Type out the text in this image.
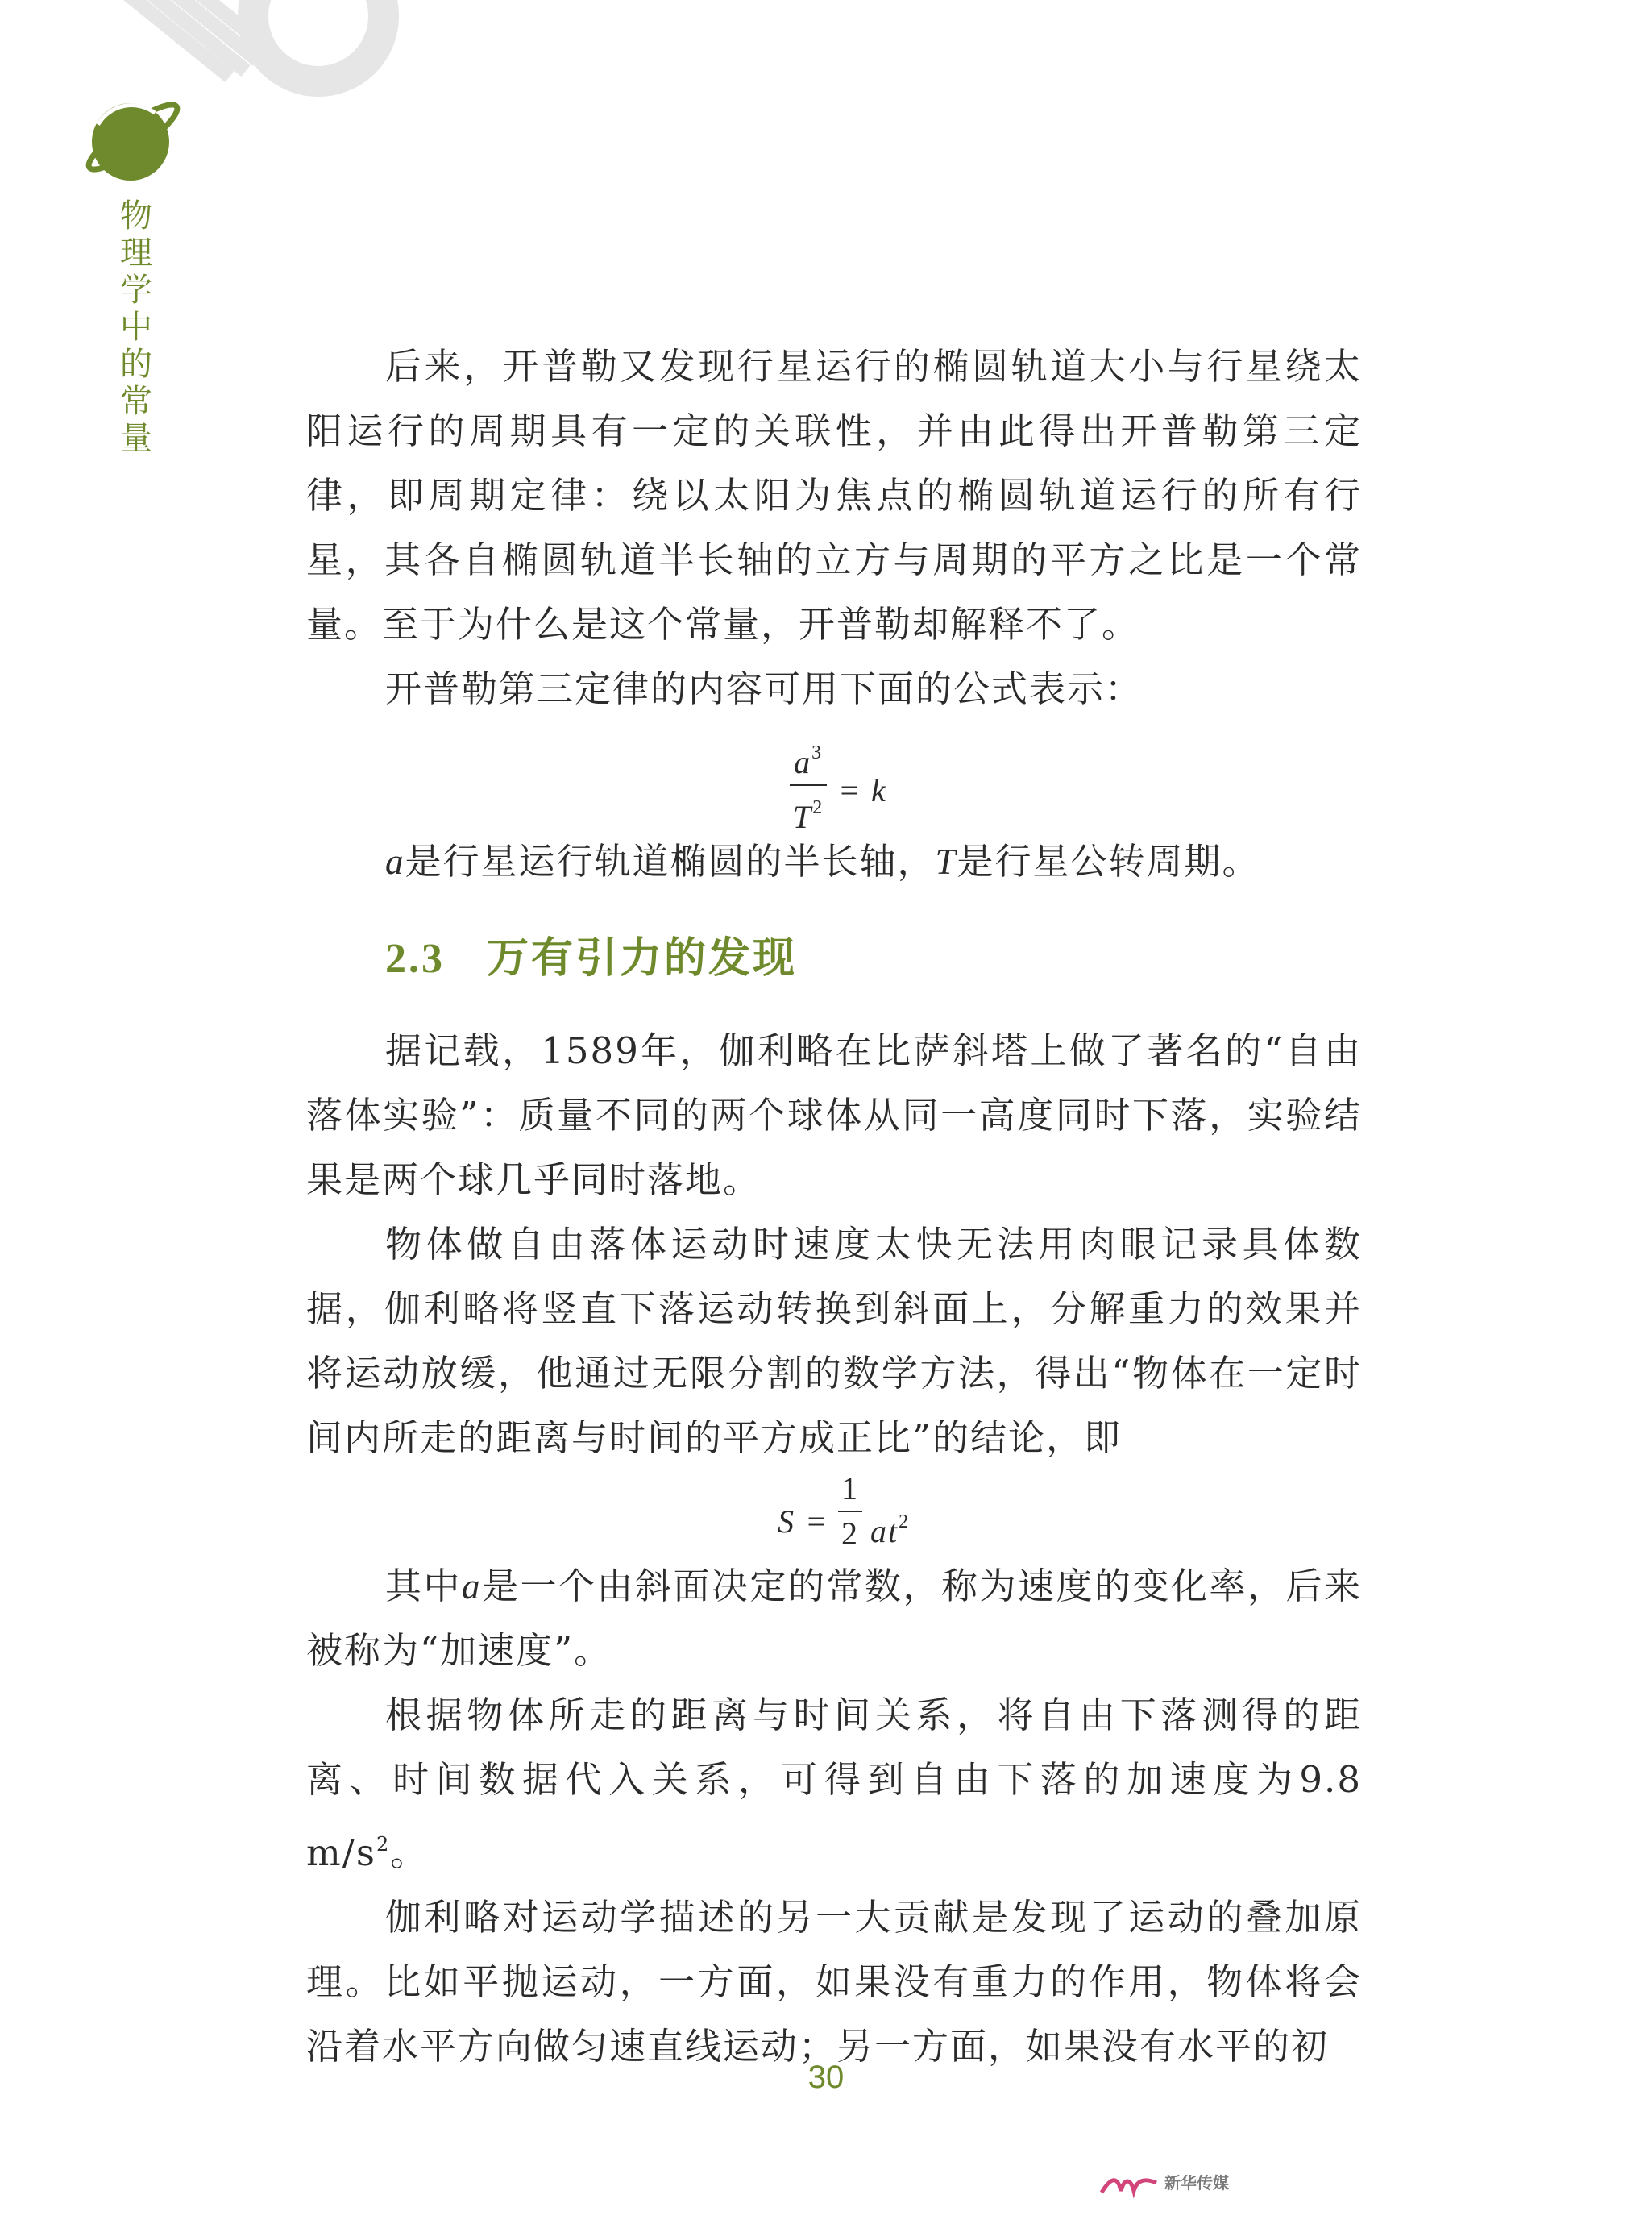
物
理
学
中
的
常
量

后来，开普勒又发现行星运行的椭圆轨道大小与行星绕太阳运行的周期具有一定的关联性，并由此得出开普勒第三定律，即周期定律：绕以太阳为焦点的椭圆轨道运行的所有行星，其各自椭圆轨道半长轴的立方与周期的平方之比是一个常量。至于为什么是这个常量，开普勒却解释不了。

开普勒第三定律的内容可用下面的公式表示：

$a^3$
$T^2 = k$

a是行星运行轨道椭圆的半长轴，T是行星公转周期。

2.3 万有引力的发现

据记载，1589年，伽利略在比萨斜塔上做了著名的“自由落体实验”：质量不同的两个球体从同一高度同时下落，实验结果是两个球几乎同时落地。

物体做自由落体运动时速度太快无法用肉眼记录具体数据，伽利略将竖直下落运动转换到斜面上，分解重力的效果并将运动放缓，他通过无限分割的数学方法，得出“物体在一定时间内所走的距离与时间的平方成正比”的结论，即

S =
1
2 $at^2$

其中a是一个由斜面决定的常数，称为速度的变化率，后来被称为“加速度”。

根据物体所走的距离与时间关系，将自由下落测得的距离、时间数据代入关系，可得到自由下落的加速度为9.8 $m/s^2$。

伽利略对运动学描述的另一大贡献是发现了运动的叠加原理。比如平抛运动，一方面，如果没有重力的作用，物体将会沿着水平方向做匀速直线运动；另一方面，如果没有水平的初

30
新华传媒
